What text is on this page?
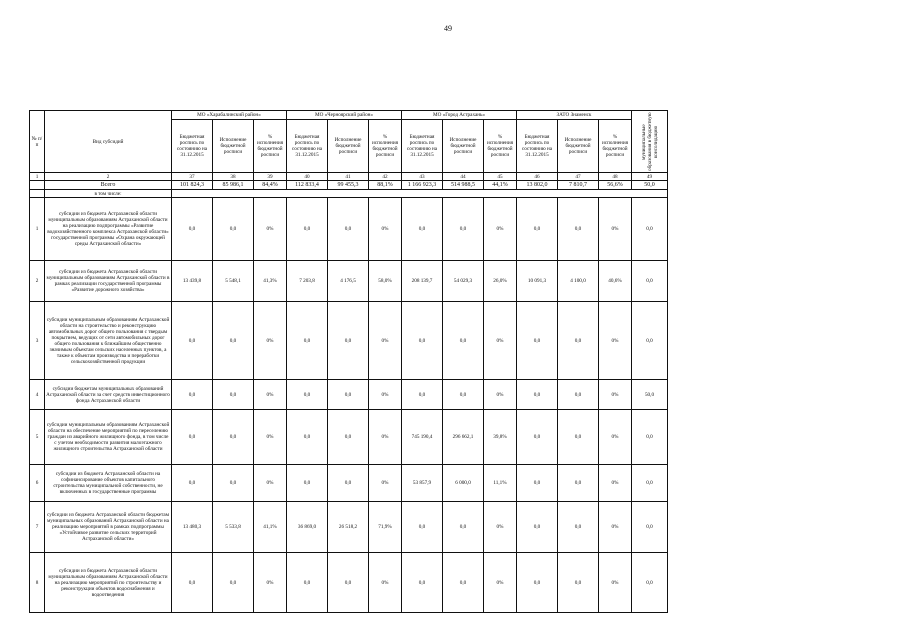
49
№ п/п	Вид субсидий	МО «Харабалинский район»			МО «Черноярский район»			МО «Город Астрахань»			ЗАТО Знаменск			муниципальные образования в бюджетную консолидацию
		Бюджетная роспись по состоянию на 31.12.2015	Исполнение бюджетной росписи	% исполнения бюджетной росписи	Бюджетная роспись по состоянию на 31.12.2015	Исполнение бюджетной росписи	% исполнения бюджетной росписи	Бюджетная роспись по состоянию на 31.12.2015	Исполнение бюджетной росписи	% исполнения бюджетной росписи	Бюджетная роспись по состоянию на 31.12.2015	Исполнение бюджетной росписи	% исполнения бюджетной росписи	
1	2	37	38	39	40	41	42	43	44	45	46	47	48	49
	Всего	101 824,3	85 986,1	84,4%	112 833,4	99 455,3	88,1%	1 166 923,3	514 988,5	44,1%	13 802,0	7 810,7	56,6%	50,0
	в том числе:													
1	субсидии из бюджета Астраханской области муниципальным образованиям Астраханской области на реализацию подпрограммы «Развитие водохозяйственного комплекса Астраханской области» государственной программы «Охрана окружающей среды Астраханской области»	0,0	0,0	0%	0,0	0,0	0%	0,0	0,0	0%	0,0	0,0	0%	0,0
2	субсидии из бюджета Астраханской области муниципальным образованиям Астраханской области в рамках реализации государственной программы «Развитие дорожного хозяйства»	13 439,8	5 548,1	41,3%	7 203,8	4 176,5	58,0%	208 139,7	54 029,3	26,0%	10 091,3	4 100,0	40,6%	0,0
3	субсидии муниципальным образованиям Астраханской области на строительство и реконструкцию автомобильных дорог общего пользования с твердым покрытием, ведущих от сети автомобильных дорог общего пользования к ближайшим общественно значимым объектам сельских населенных пунктов, а также к объектам производства и переработки сельскохозяйственной продукции	0,0	0,0	0%	0,0	0,0	0%	0,0	0,0	0%	0,0	0,0	0%	0,0
4	субсидии бюджетам муниципальных образований Астраханской области за счет средств инвестиционного фонда Астраханской области	0,0	0,0	0%	0,0	0,0	0%	0,0	0,0	0%	0,0	0,0	0%	50,0
5	субсидии муниципальным образованиям Астраханской области на обеспечение мероприятий по переселению граждан из аварийного жилищного фонда, в том числе с учетом необходимости развития малоэтажного жилищного строительства Астраханской области	0,0	0,0	0%	0,0	0,0	0%	745 190,4	296 662,1	39,8%	0,0	0,0	0%	0,0
6	субсидии из бюджета Астраханской области на софинансирование объектов капитального строительства муниципальной собственности, не включенных в государственные программы	0,0	0,0	0%	0,0	0,0	0%	53 857,9	6 000,0	11,1%	0,0	0,0	0%	0,0
7	субсидии из бюджета Астраханской области бюджетам муниципальных образований Астраханской области на реализацию мероприятий в рамках подпрограммы «Устойчивое развитие сельских территорий Астраханской области»	13 480,3	5 533,8	41,1%	36 869,0	26 518,2	71,9%	0,0	0,0	0%	0,0	0,0	0%	0,0
8	субсидии из бюджета Астраханской области муниципальным образованиям Астраханской области на реализацию мероприятий по строительству и реконструкции объектов водоснабжения и водоотведения	0,0	0,0	0%	0,0	0,0	0%	0,0	0,0	0%	0,0	0,0	0%	0,0
